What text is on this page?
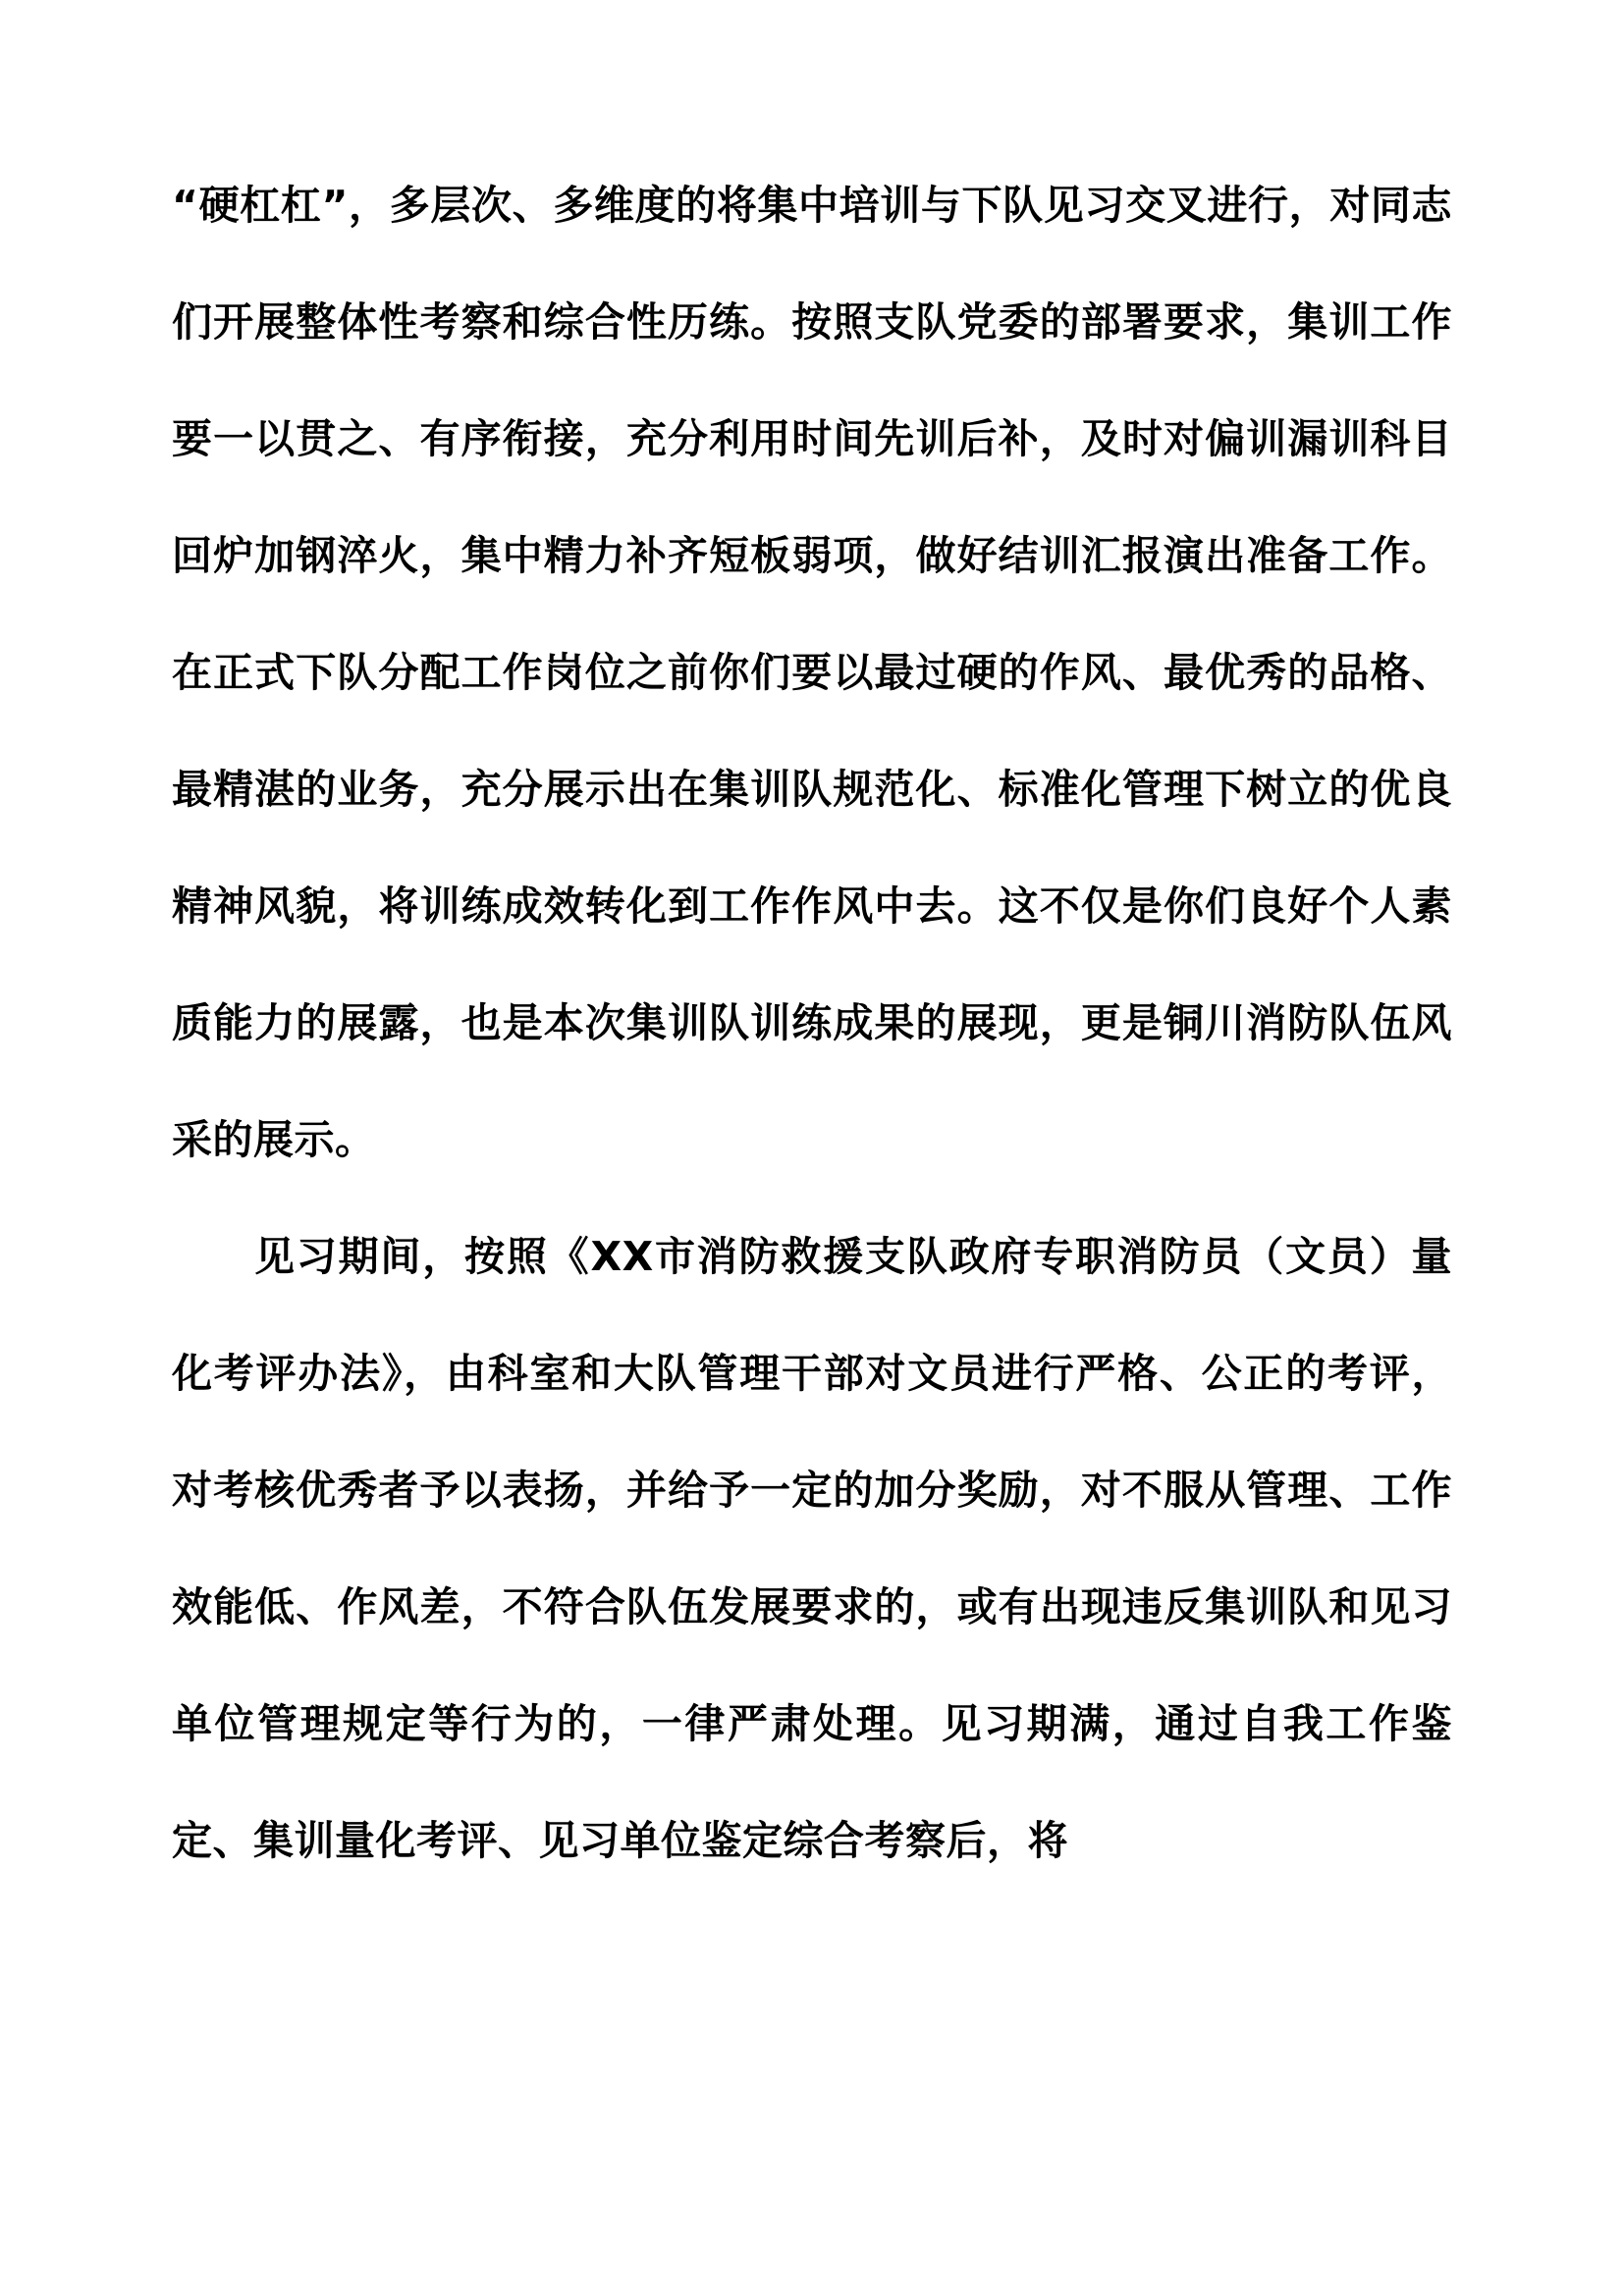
“硬杠杠”，多层次、多维度的将集中培训与下队见习交叉进行，对同志们开展整体性考察和综合性历练。按照支队党委的部署要求，集训工作要一以贯之、有序衔接，充分利用时间先训后补，及时对偏训漏训科目回炉加钢淬火，集中精力补齐短板弱项，做好结训汇报演出准备工作。在正式下队分配工作岗位之前你们要以最过硬的作风、最优秀的品格、最精湛的业务，充分展示出在集训队规范化、标准化管理下树立的优良精神风貌，将训练成效转化到工作作风中去。这不仅是你们良好个人素质能力的展露，也是本次集训队训练成果的展现，更是铜川消防队伍风采的展示。

见习期间，按照《XX市消防救援支队政府专职消防员（文员）量化考评办法》，由科室和大队管理干部对文员进行严格、公正的考评，对考核优秀者予以表扬，并给予一定的加分奖励，对不服从管理、工作效能低、作风差，不符合队伍发展要求的，或有出现违反集训队和见习单位管理规定等行为的，一律严肃处理。见习期满，通过自我工作鉴定、集训量化考评、见习单位鉴定综合考察后，将
